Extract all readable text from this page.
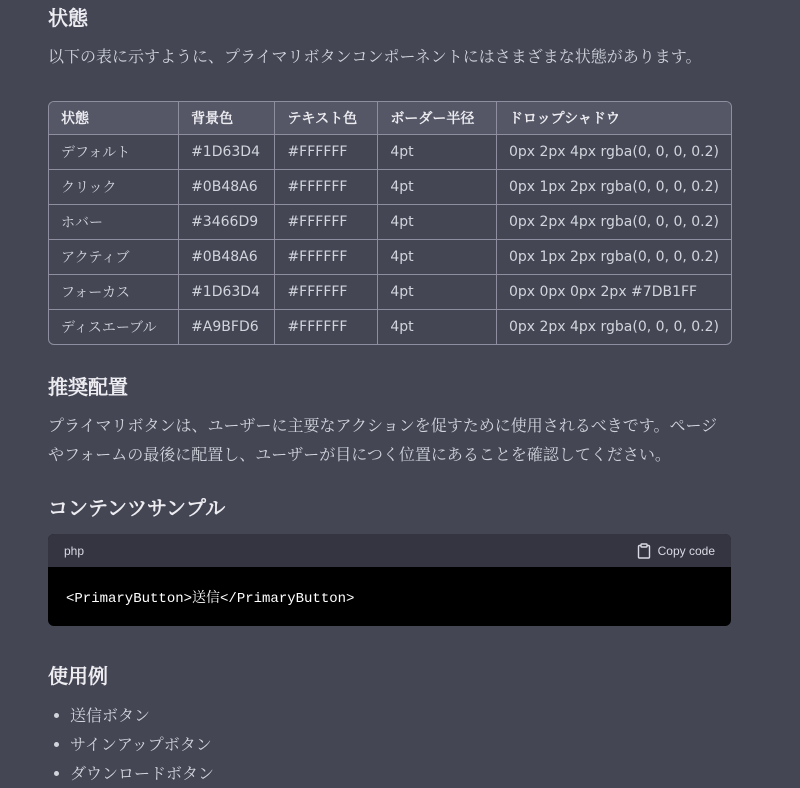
状態

以下の表に示すように、プライマリボタンコンポーネントにはさまざまな状態があります。

状態	背景色	テキスト色	ボーダー半径	ドロップシャドウ
デフォルト	#1D63D4	#FFFFFF	4pt	0px 2px 4px rgba(0, 0, 0, 0.2)
クリック	#0B48A6	#FFFFFF	4pt	0px 1px 2px rgba(0, 0, 0, 0.2)
ホバー	#3466D9	#FFFFFF	4pt	0px 2px 4px rgba(0, 0, 0, 0.2)
アクティブ	#0B48A6	#FFFFFF	4pt	0px 1px 2px rgba(0, 0, 0, 0.2)
フォーカス	#1D63D4	#FFFFFF	4pt	0px 0px 0px 2px #7DB1FF
ディスエーブル	#A9BFD6	#FFFFFF	4pt	0px 2px 4px rgba(0, 0, 0, 0.2)
推奨配置

プライマリボタンは、ユーザーに主要なアクションを促すために使用されるべきです。ページやフォームの最後に配置し、ユーザーが目につく位置にあることを確認してください。

コンテンツサンプル
php	Copy code
<PrimaryButton>送信</PrimaryButton>
使用例
送信ボタン
サインアップボタン
ダウンロードボタン
